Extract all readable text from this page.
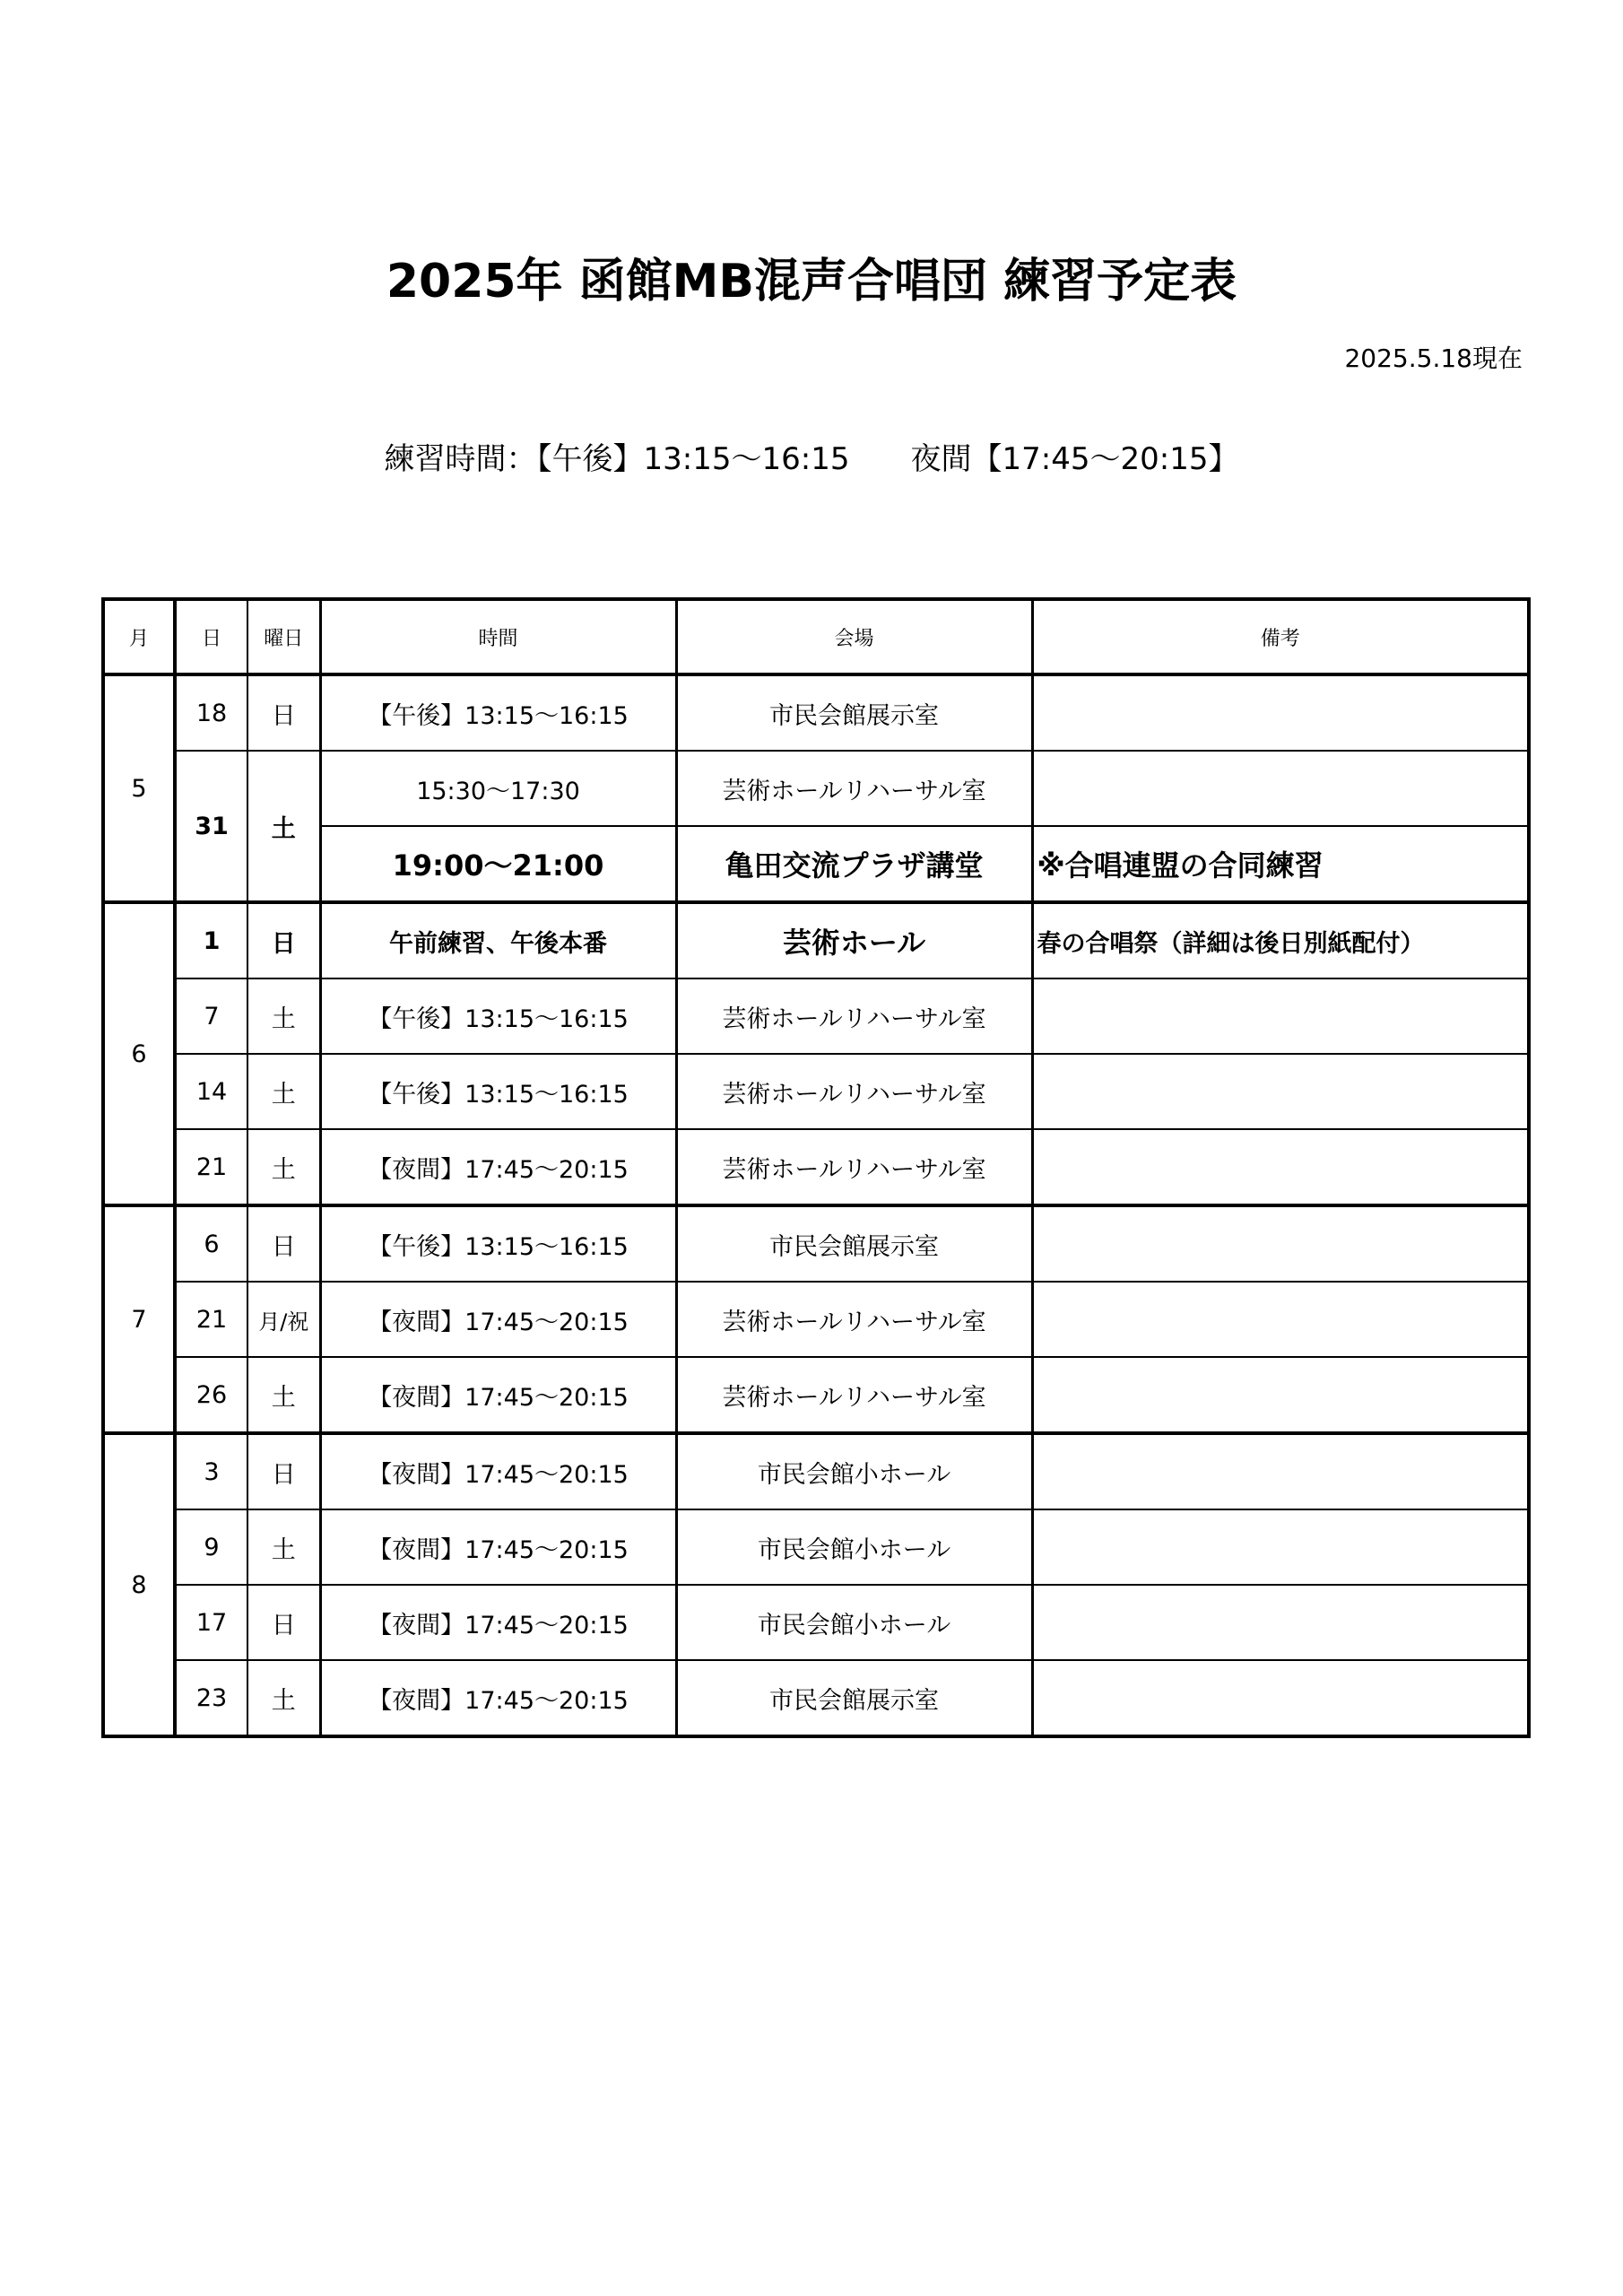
2025年 函館MB混声合唱団 練習予定表
2025.5.18現在
練習時間：【午後】13:15～16:15　　夜間【17:45～20:15】
月	日	曜日	時間	会場	備考
5	18	日	【午後】13:15～16:15	市民会館展示室	
	31	土	15:30～17:30	芸術ホールリハーサル室	
			19:00～21:00	亀田交流プラザ講堂	※合唱連盟の合同練習
6	1	日	午前練習、午後本番	芸術ホール	春の合唱祭（詳細は後日別紙配付）
	7	土	【午後】13:15～16:15	芸術ホールリハーサル室	
	14	土	【午後】13:15～16:15	芸術ホールリハーサル室	
	21	土	【夜間】17:45～20:15	芸術ホールリハーサル室	
7	6	日	【午後】13:15～16:15	市民会館展示室	
	21	月/祝	【夜間】17:45～20:15	芸術ホールリハーサル室	
	26	土	【夜間】17:45～20:15	芸術ホールリハーサル室	
8	3	日	【夜間】17:45～20:15	市民会館小ホール	
	9	土	【夜間】17:45～20:15	市民会館小ホール	
	17	日	【夜間】17:45～20:15	市民会館小ホール	
	23	土	【夜間】17:45～20:15	市民会館展示室	
